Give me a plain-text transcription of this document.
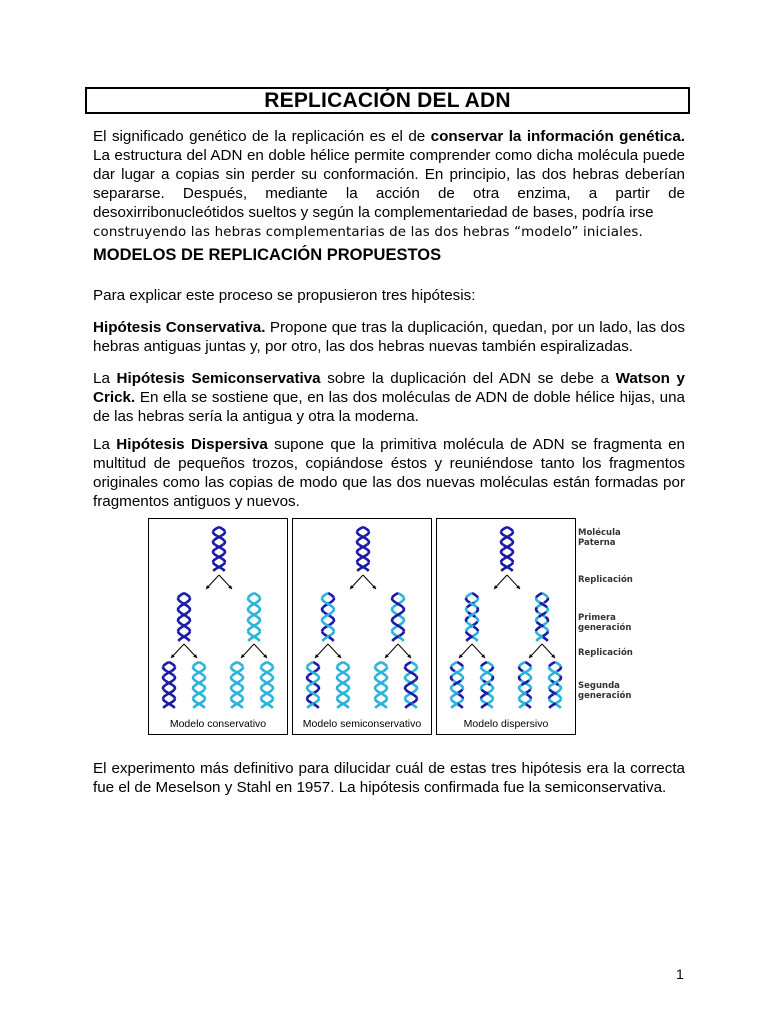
REPLICACIÓN DEL ADN

El significado genético de la replicación es el de conservar la información genética. La estructura del ADN en doble hélice permite comprender como dicha molécula puede dar lugar a copias sin perder su conformación. En principio, las dos hebras deberían separarse. Después, mediante la acción de otra enzima, a partir de desoxirribonucleótidos sueltos y según la complementariedad de bases, podría irse
construyendo las hebras complementarias de las dos hebras “modelo” iniciales.

MODELOS DE REPLICACIÓN PROPUESTOS

Para explicar este proceso se propusieron tres hipótesis:

Hipótesis Conservativa. Propone que tras la duplicación, quedan, por un lado, las dos hebras antiguas juntas y, por otro, las dos hebras nuevas también espiralizadas.

La Hipótesis Semiconservativa sobre la duplicación del ADN se debe a Watson y Crick. En ella se sostiene que, en las dos moléculas de ADN de doble hélice hijas, una de las hebras sería la antigua y otra la moderna.

La Hipótesis Dispersiva supone que la primitiva molécula de ADN se fragmenta en multitud de pequeños trozos, copiándose éstos y reuniéndose tanto los fragmentos originales como las copias de modo que las dos nuevas moléculas están formadas por fragmentos antiguos y nuevos.

Modelo conservativo	Modelo semiconservativo	Modelo dispersivo
Molécula Paterna
Replicación
Primera generación
Replicación
Segunda generación

El experimento más definitivo para dilucidar cuál de estas tres hipótesis era la correcta fue el de Meselson y Stahl en 1957. La hipótesis confirmada fue la semiconservativa.

1
